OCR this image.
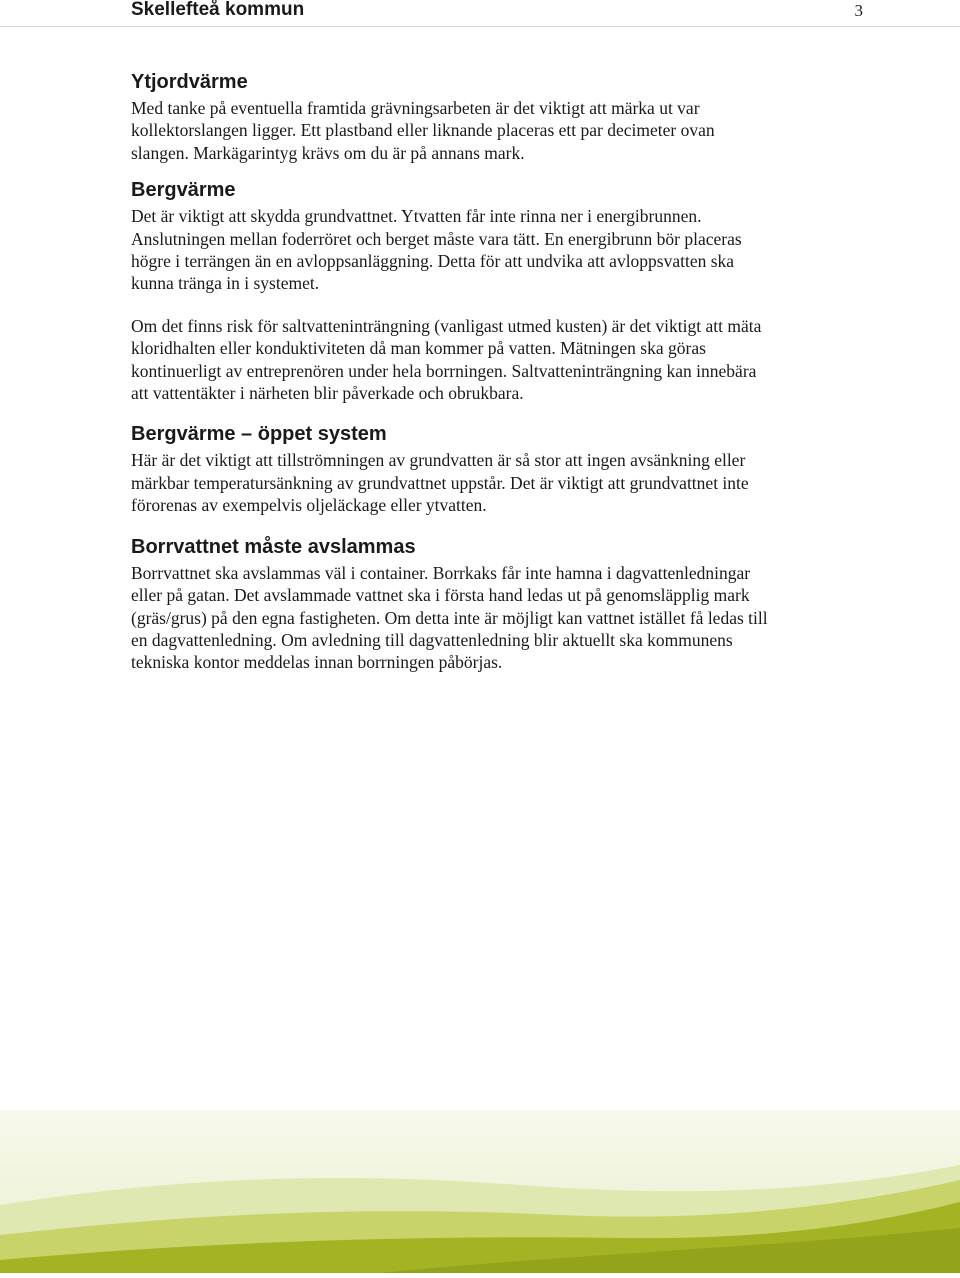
Skellefteå kommun	3
Ytjordvärme

Med tanke på eventuella framtida grävningsarbeten är det viktigt att märka ut var
kollektorslangen ligger. Ett plastband eller liknande placeras ett par decimeter ovan
slangen. Markägarintyg krävs om du är på annans mark.

Bergvärme

Det är viktigt att skydda grundvattnet. Ytvatten får inte rinna ner i energibrunnen.
Anslutningen mellan foderröret och berget måste vara tätt. En energibrunn bör placeras
högre i terrängen än en avloppsanläggning. Detta för att undvika att avloppsvatten ska
kunna tränga in i systemet.

Om det finns risk för saltvatteninträngning (vanligast utmed kusten) är det viktigt att mäta
kloridhalten eller konduktiviteten då man kommer på vatten. Mätningen ska göras
kontinuerligt av entreprenören under hela borrningen. Saltvatteninträngning kan innebära
att vattentäkter i närheten blir påverkade och obrukbara.

Bergvärme – öppet system

Här är det viktigt att tillströmningen av grundvatten är så stor att ingen avsänkning eller
märkbar temperatursänkning av grundvattnet uppstår. Det är viktigt att grundvattnet inte
förorenas av exempelvis oljeläckage eller ytvatten.

Borrvattnet måste avslammas

Borrvattnet ska avslammas väl i container. Borrkaks får inte hamna i dagvattenledningar
eller på gatan. Det avslammade vattnet ska i första hand ledas ut på genomsläpplig mark
(gräs/grus) på den egna fastigheten. Om detta inte är möjligt kan vattnet istället få ledas till
en dagvattenledning. Om avledning till dagvattenledning blir aktuellt ska kommunens
tekniska kontor meddelas innan borrningen påbörjas.
